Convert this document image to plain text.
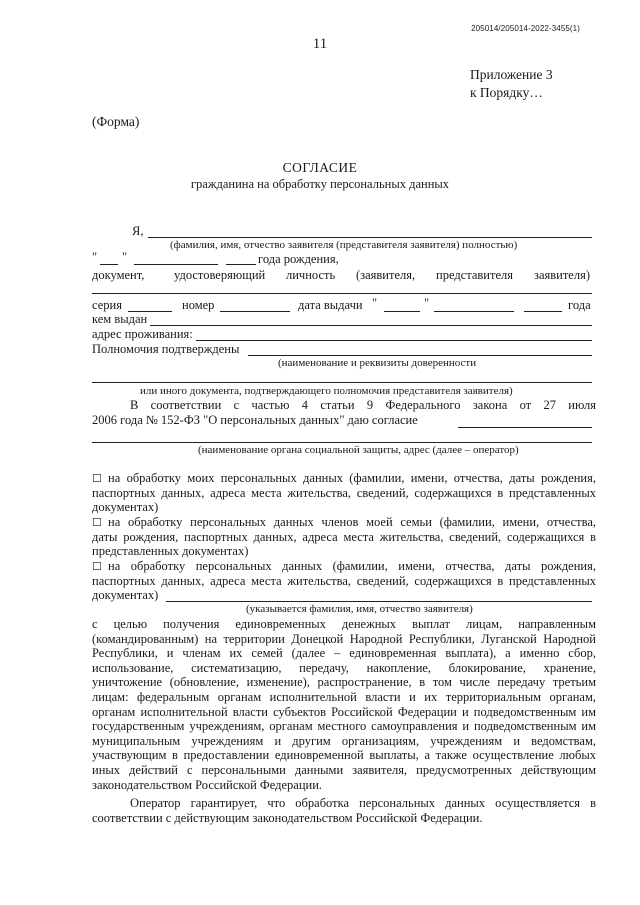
205014/205014-2022-3455(1)
11
Приложение 3
к Порядку…
(Форма)
СОГЛАСИЕ
гражданина на обработку персональных данных
Я,
(фамилия, имя, отчество заявителя (представителя заявителя) полностью)
" "	года рождения,
документ, удостоверяющий личность (заявителя, представителя заявителя)
серия	номер	дата выдачи "	"	года
кем выдан
адрес проживания:
Полномочия подтверждены
(наименование и реквизиты доверенности
или иного документа, подтверждающего полномочия представителя заявителя)
В соответствии с частью 4 статьи 9 Федерального закона от 27 июля
2006 года № 152-ФЗ "О персональных данных" даю согласие
(наименование органа социальной защиты, адрес (далее – оператор)
☐ на обработку моих персональных данных (фамилии, имени, отчества, даты рождения,
паспортных данных, адреса места жительства, сведений, содержащихся в представленных документах)
☐ на обработку персональных данных членов моей семьи (фамилии, имени, отчества,
даты рождения, паспортных данных, адреса места жительства, сведений, содержащихся в представленных документах)
☐ на обработку персональных данных (фамилии, имени, отчества, даты рождения,
паспортных данных, адреса места жительства, сведений, содержащихся в представленных
документах)
(указывается фамилия, имя, отчество заявителя)
с целью получения единовременных денежных выплат лицам, направленным (командированным) на территории Донецкой Народной Республики, Луганской Народной Республики, и членам их семей (далее – единовременная выплата), а именно сбор, использование, систематизацию, передачу, накопление, блокирование, хранение, уничтожение (обновление, изменение), распространение, в том числе передачу третьим лицам: федеральным органам исполнительной власти и их территориальным органам, органам исполнительной власти субъектов Российской Федерации и подведомственным им государственным учреждениям, органам местного самоуправления и подведомственным им муниципальным учреждениям и другим организациям, учреждениям и ведомствам, участвующим в предоставлении единовременной выплаты, а также осуществление любых иных действий с персональными данными заявителя, предусмотренных действующим законодательством Российской Федерации.
Оператор гарантирует, что обработка персональных данных осуществляется в соответствии с действующим законодательством Российской Федерации.
